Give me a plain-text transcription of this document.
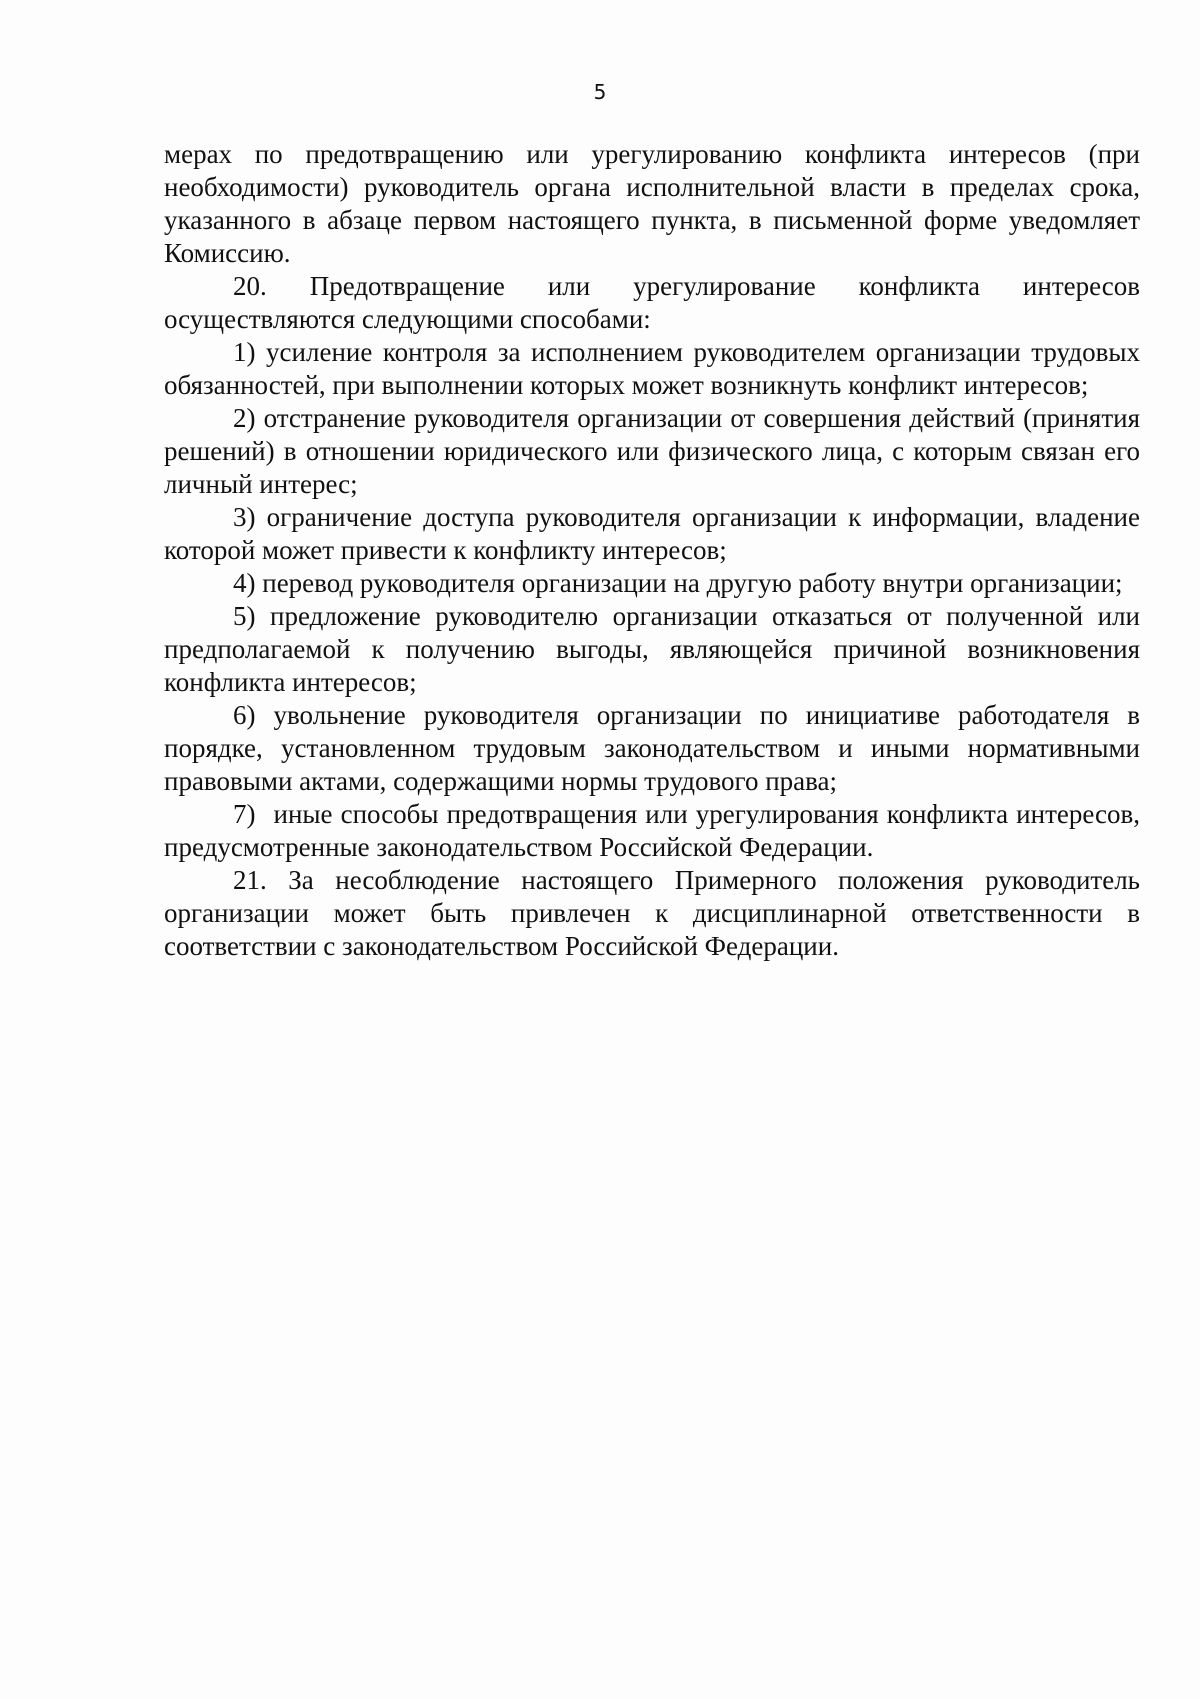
5

мерах по предотвращению или урегулированию конфликта интересов (при необходимости) руководитель органа исполнительной власти в пределах срока, указанного в абзаце первом настоящего пункта, в письменной форме уведомляет Комиссию.

20. Предотвращение или урегулирование конфликта интересов осуществляются следующими способами:

1) усиление контроля за исполнением руководителем организации трудовых обязанностей, при выполнении которых может возникнуть конфликт интересов;

2) отстранение руководителя организации от совершения действий (принятия решений) в отношении юридического или физического лица, с которым связан его личный интерес;

3) ограничение доступа руководителя организации к информации, владение которой может привести к конфликту интересов;

4) перевод руководителя организации на другую работу внутри организации;

5) предложение руководителю организации отказаться от полученной или предполагаемой к получению выгоды, являющейся причиной возникновения конфликта интересов;

6) увольнение руководителя организации по инициативе работодателя в порядке, установленном трудовым законодательством и иными нормативными правовыми актами, содержащими нормы трудового права;

7) иные способы предотвращения или урегулирования конфликта интересов, предусмотренные законодательством Российской Федерации.

21. За несоблюдение настоящего Примерного положения руководитель организации может быть привлечен к дисциплинарной ответственности в соответствии с законодательством Российской Федерации.
